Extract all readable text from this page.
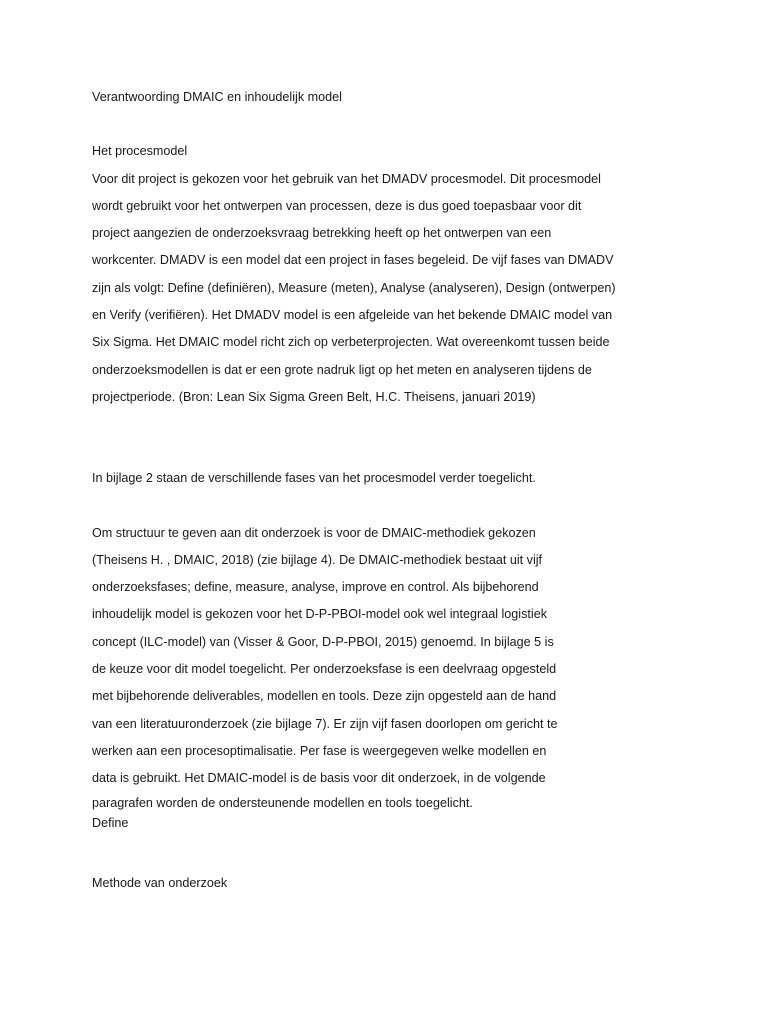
Verantwoording DMAIC en inhoudelijk model
Het procesmodel
Voor dit project is gekozen voor het gebruik van het DMADV procesmodel. Dit procesmodel
wordt gebruikt voor het ontwerpen van processen, deze is dus goed toepasbaar voor dit
project aangezien de onderzoeksvraag betrekking heeft op het ontwerpen van een
workcenter. DMADV is een model dat een project in fases begeleid. De vijf fases van DMADV
zijn als volgt: Define (definiëren), Measure (meten), Analyse (analyseren), Design (ontwerpen)
en Verify (verifiëren). Het DMADV model is een afgeleide van het bekende DMAIC model van
Six Sigma. Het DMAIC model richt zich op verbeterprojecten. Wat overeenkomt tussen beide
onderzoeksmodellen is dat er een grote nadruk ligt op het meten en analyseren tijdens de
projectperiode. (Bron: Lean Six Sigma Green Belt, H.C. Theisens, januari 2019)
In bijlage 2 staan de verschillende fases van het procesmodel verder toegelicht.
Om structuur te geven aan dit onderzoek is voor de DMAIC-methodiek gekozen
(Theisens H. , DMAIC, 2018) (zie bijlage 4). De DMAIC-methodiek bestaat uit vijf
onderzoeksfases; define, measure, analyse, improve en control. Als bijbehorend
inhoudelijk model is gekozen voor het D-P-PBOI-model ook wel integraal logistiek
concept (ILC-model) van (Visser & Goor, D-P-PBOI, 2015) genoemd. In bijlage 5 is
de keuze voor dit model toegelicht. Per onderzoeksfase is een deelvraag opgesteld
met bijbehorende deliverables, modellen en tools. Deze zijn opgesteld aan de hand
van een literatuuronderzoek (zie bijlage 7). Er zijn vijf fasen doorlopen om gericht te
werken aan een procesoptimalisatie. Per fase is weergegeven welke modellen en
data is gebruikt. Het DMAIC-model is de basis voor dit onderzoek, in de volgende
paragrafen worden de ondersteunende modellen en tools toegelicht.
Define
Methode van onderzoek
